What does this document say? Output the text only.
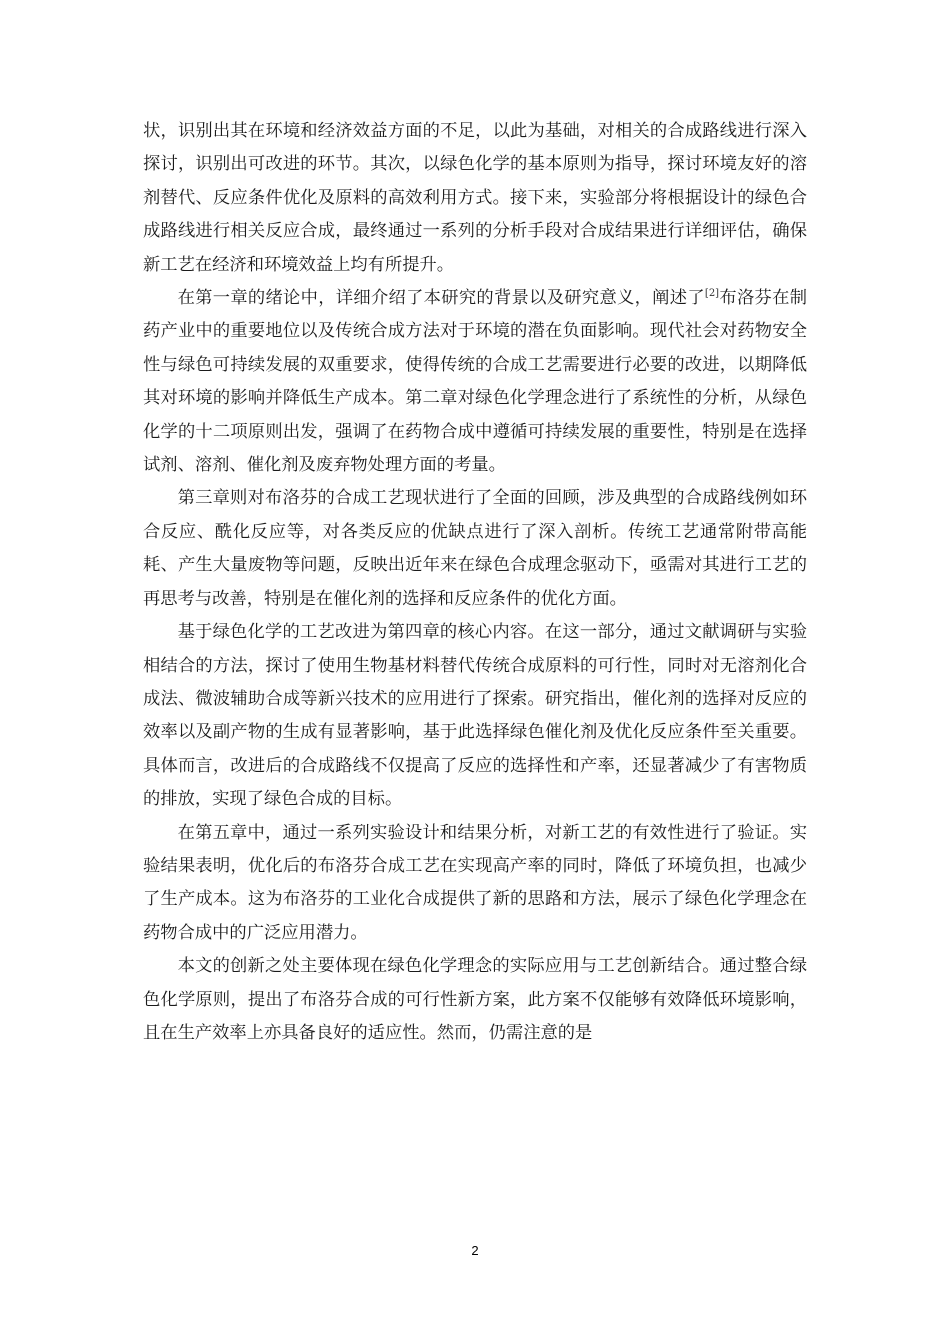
状，识别出其在环境和经济效益方面的不足，以此为基础，对相关的合成路线进行深入探讨，识别出可改进的环节。其次，以绿色化学的基本原则为指导，探讨环境友好的溶剂替代、反应条件优化及原料的高效利用方式。接下来，实验部分将根据设计的绿色合成路线进行相关反应合成，最终通过一系列的分析手段对合成结果进行详细评估，确保新工艺在经济和环境效益上均有所提升。

在第一章的绪论中，详细介绍了本研究的背景以及研究意义，阐述了[2]布洛芬在制药产业中的重要地位以及传统合成方法对于环境的潜在负面影响。现代社会对药物安全性与绿色可持续发展的双重要求，使得传统的合成工艺需要进行必要的改进，以期降低其对环境的影响并降低生产成本。第二章对绿色化学理念进行了系统性的分析，从绿色化学的十二项原则出发，强调了在药物合成中遵循可持续发展的重要性，特别是在选择试剂、溶剂、催化剂及废弃物处理方面的考量。

第三章则对布洛芬的合成工艺现状进行了全面的回顾，涉及典型的合成路线例如环合反应、酰化反应等，对各类反应的优缺点进行了深入剖析。传统工艺通常附带高能耗、产生大量废物等问题，反映出近年来在绿色合成理念驱动下，亟需对其进行工艺的再思考与改善，特别是在催化剂的选择和反应条件的优化方面。

基于绿色化学的工艺改进为第四章的核心内容。在这一部分，通过文献调研与实验相结合的方法，探讨了使用生物基材料替代传统合成原料的可行性，同时对无溶剂化合成法、微波辅助合成等新兴技术的应用进行了探索。研究指出，催化剂的选择对反应的效率以及副产物的生成有显著影响，基于此选择绿色催化剂及优化反应条件至关重要。具体而言，改进后的合成路线不仅提高了反应的选择性和产率，还显著减少了有害物质的排放，实现了绿色合成的目标。

在第五章中，通过一系列实验设计和结果分析，对新工艺的有效性进行了验证。实验结果表明，优化后的布洛芬合成工艺在实现高产率的同时，降低了环境负担，也减少了生产成本。这为布洛芬的工业化合成提供了新的思路和方法，展示了绿色化学理念在药物合成中的广泛应用潜力。

本文的创新之处主要体现在绿色化学理念的实际应用与工艺创新结合。通过整合绿色化学原则，提出了布洛芬合成的可行性新方案，此方案不仅能够有效降低环境影响，且在生产效率上亦具备良好的适应性。然而，仍需注意的是

2
